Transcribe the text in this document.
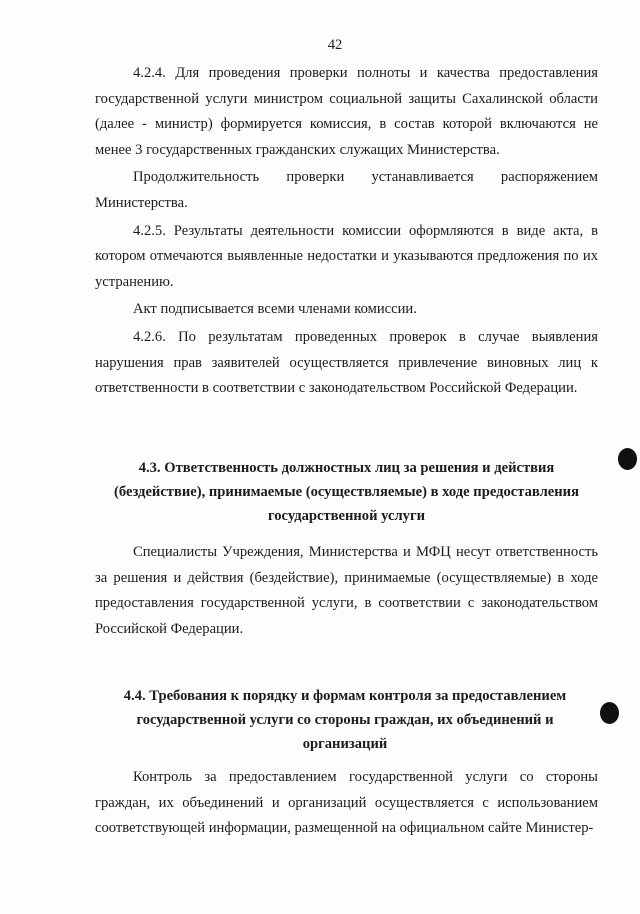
42

4.2.4. Для проведения проверки полноты и качества предоставления государственной услуги министром социальной защиты Сахалинской области (далее - министр) формируется комиссия, в состав которой включаются не менее 3 государственных гражданских служащих Министерства.

Продолжительность проверки устанавливается распоряжением Министерства.

4.2.5. Результаты деятельности комиссии оформляются в виде акта, в котором отмечаются выявленные недостатки и указываются предложения по их устранению.

Акт подписывается всеми членами комиссии.

4.2.6. По результатам проведенных проверок в случае выявления нарушения прав заявителей осуществляется привлечение виновных лиц к ответственности в соответствии с законодательством Российской Федерации.

4.3. Ответственность должностных лиц за решения и действия (бездействие), принимаемые (осуществляемые) в ходе предоставления государственной услуги

Специалисты Учреждения, Министерства и МФЦ несут ответственность за решения и действия (бездействие), принимаемые (осуществляемые) в ходе предоставления государственной услуги, в соответствии с законодательством Российской Федерации.

4.4. Требования к порядку и формам контроля за предоставлением государственной услуги со стороны граждан, их объединений и организаций

Контроль за предоставлением государственной услуги со стороны граждан, их объединений и организаций осуществляется с использованием соответствующей информации, размещенной на официальном сайте Министер-
